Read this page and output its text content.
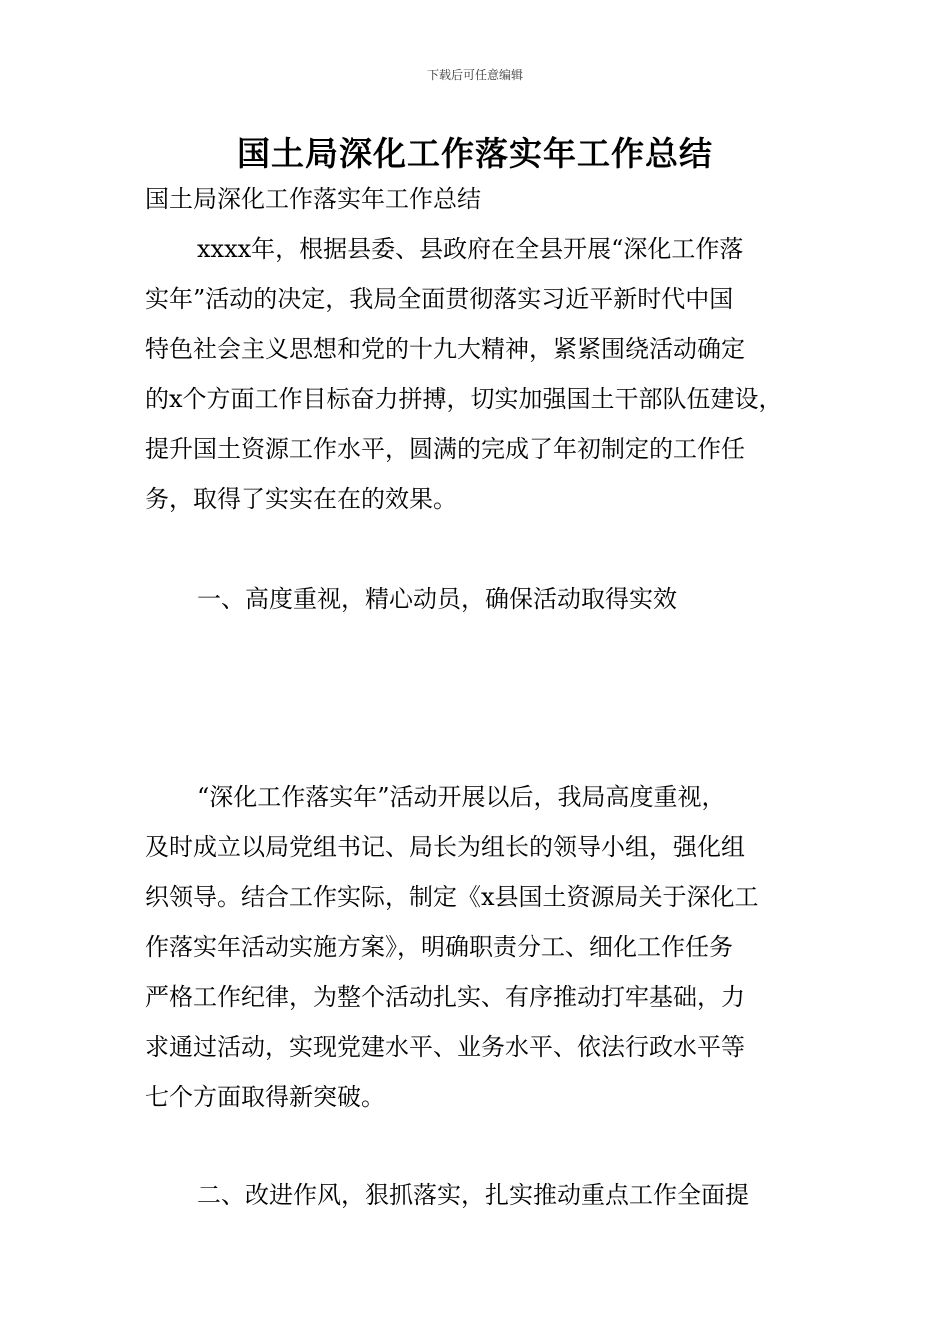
下载后可任意编辑
国土局深化工作落实年工作总结
国土局深化工作落实年工作总结
xxxx年，根据县委、县政府在全县开展“深化工作落
实年”活动的决定，我局全面贯彻落实习近平新时代中国
特色社会主义思想和党的十九大精神，紧紧围绕活动确定
的x个方面工作目标奋力拼搏，切实加强国土干部队伍建设，
提升国土资源工作水平，圆满的完成了年初制定的工作任
务，取得了实实在在的效果。
一、高度重视，精心动员，确保活动取得实效
“深化工作落实年”活动开展以后，我局高度重视，
及时成立以局党组书记、局长为组长的领导小组，强化组
织领导。结合工作实际，制定《x县国土资源局关于深化工
作落实年活动实施方案》，明确职责分工、细化工作任务
严格工作纪律，为整个活动扎实、有序推动打牢基础，力
求通过活动，实现党建水平、业务水平、依法行政水平等
七个方面取得新突破。
二、改进作风，狠抓落实，扎实推动重点工作全面提
